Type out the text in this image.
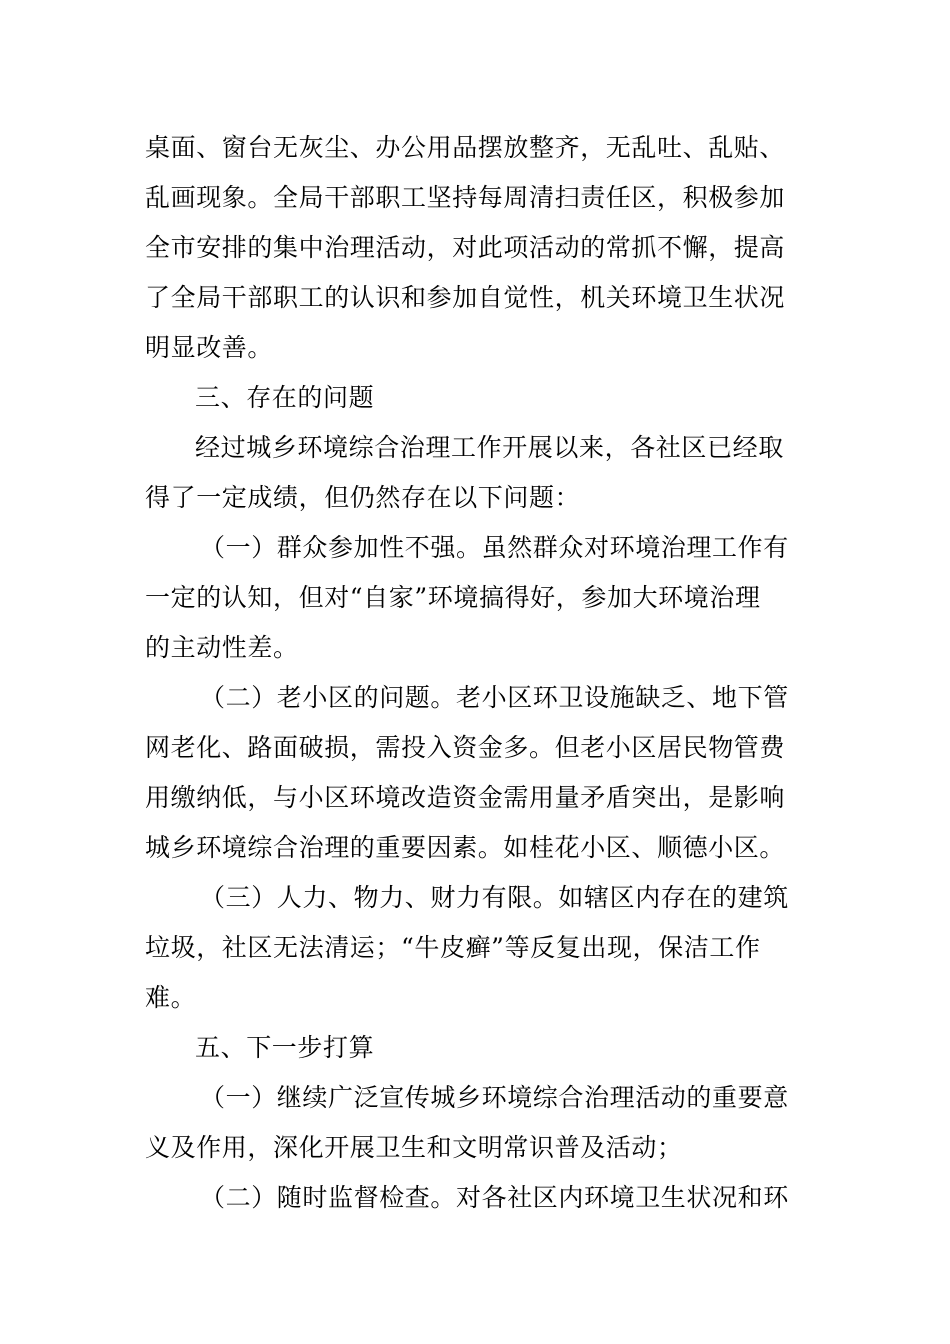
桌面、窗台无灰尘、办公用品摆放整齐，无乱吐、乱贴、
乱画现象。全局干部职工坚持每周清扫责任区，积极参加
全市安排的集中治理活动，对此项活动的常抓不懈，提高
了全局干部职工的认识和参加自觉性，机关环境卫生状况
明显改善。
三、存在的问题
经过城乡环境综合治理工作开展以来，各社区已经取
得了一定成绩，但仍然存在以下问题：
（一）群众参加性不强。虽然群众对环境治理工作有
一定的认知，但对“自家”环境搞得好，参加大环境治理
的主动性差。
（二）老小区的问题。老小区环卫设施缺乏、地下管
网老化、路面破损，需投入资金多。但老小区居民物管费
用缴纳低，与小区环境改造资金需用量矛盾突出，是影响
城乡环境综合治理的重要因素。如桂花小区、顺德小区。
（三）人力、物力、财力有限。如辖区内存在的建筑
垃圾，社区无法清运；“牛皮癣”等反复出现，保洁工作
难。
五、下一步打算
（一）继续广泛宣传城乡环境综合治理活动的重要意
义及作用，深化开展卫生和文明常识普及活动；
（二）随时监督检查。对各社区内环境卫生状况和环
